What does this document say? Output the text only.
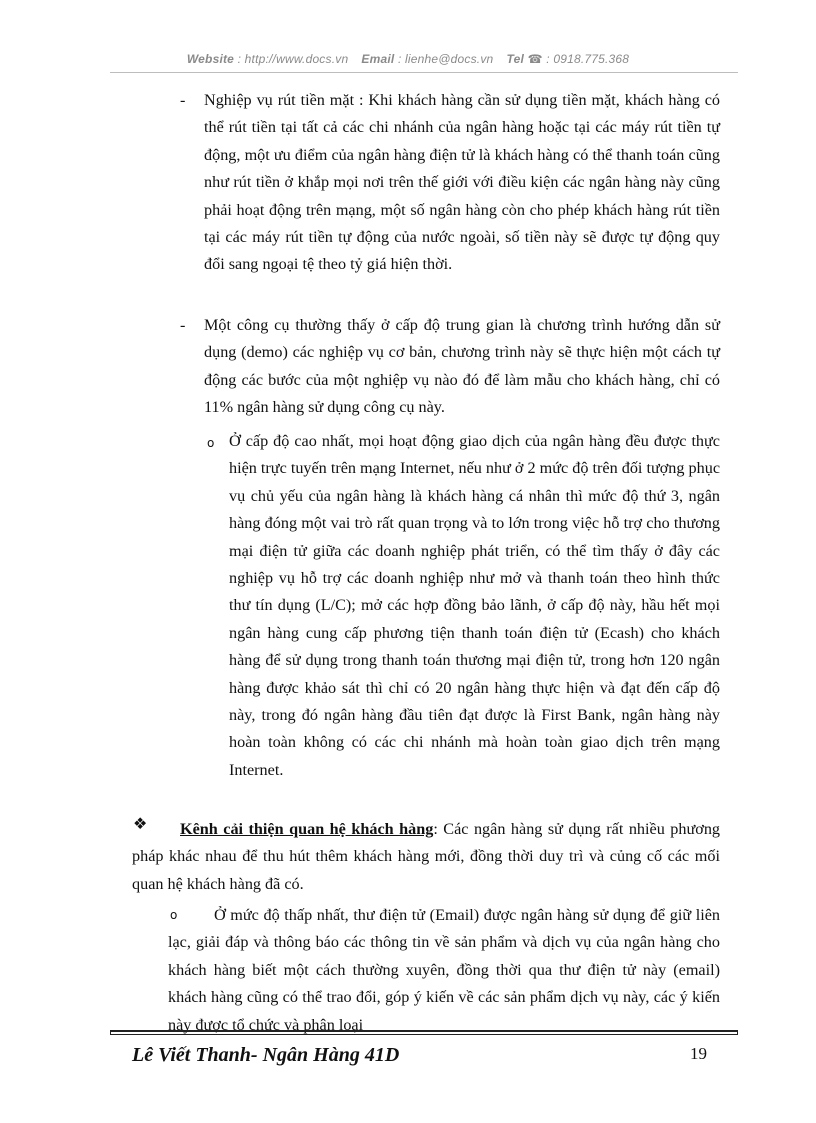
Website : http://www.docs.vn Email : lienhe@docs.vn Tel ☎ : 0918.775.368
- Nghiệp vụ rút tiền mặt : Khi khách hàng cần sử dụng tiền mặt, khách hàng có thể rút tiền tại tất cả các chi nhánh của ngân hàng hoặc tại các máy rút tiền tự động, một ưu điểm của ngân hàng điện tử là khách hàng có thể thanh toán cũng như rút tiền ở khắp mọi nơi trên thế giới với điều kiện các ngân hàng này cũng phải hoạt động trên mạng, một số ngân hàng còn cho phép khách hàng rút tiền tại các máy rút tiền tự động của nước ngoài, số tiền này sẽ được tự động quy đổi sang ngoại tệ theo tỷ giá hiện thời.

- Một công cụ thường thấy ở cấp độ trung gian là chương trình hướng dẫn sử dụng (demo) các nghiệp vụ cơ bản, chương trình này sẽ thực hiện một cách tự động các bước của một nghiệp vụ nào đó để làm mẫu cho khách hàng, chỉ có 11% ngân hàng sử dụng công cụ này.

o Ở cấp độ cao nhất, mọi hoạt động giao dịch của ngân hàng đều được thực hiện trực tuyến trên mạng Internet, nếu như ở 2 mức độ trên đối tượng phục vụ chủ yếu của ngân hàng là khách hàng cá nhân thì mức độ thứ 3, ngân hàng đóng một vai trò rất quan trọng và to lớn trong việc hỗ trợ cho thương mại điện tử giữa các doanh nghiệp phát triển, có thể tìm thấy ở đây các nghiệp vụ hỗ trợ các doanh nghiệp như mở và thanh toán theo hình thức thư tín dụng (L/C); mở các hợp đồng bảo lãnh, ở cấp độ này, hầu hết mọi ngân hàng cung cấp phương tiện thanh toán điện tử (Ecash) cho khách hàng để sử dụng trong thanh toán thương mại điện tử, trong hơn 120 ngân hàng được khảo sát thì chỉ có 20 ngân hàng thực hiện và đạt đến cấp độ này, trong đó ngân hàng đầu tiên đạt được là First Bank, ngân hàng này hoàn toàn không có các chi nhánh mà hoàn toàn giao dịch trên mạng Internet.

❖	Kênh cải thiện quan hệ khách hàng: Các ngân hàng sử dụng rất nhiều phương pháp khác nhau để thu hút thêm khách hàng mới, đồng thời duy trì và củng cố các mối quan hệ khách hàng đã có.

o	Ở mức độ thấp nhất, thư điện tử (Email) được ngân hàng sử dụng để giữ liên lạc, giải đáp và thông báo các thông tin về sản phẩm và dịch vụ của ngân hàng cho khách hàng biết một cách thường xuyên, đồng thời qua thư điện tử này (email) khách hàng cũng có thể trao đổi, góp ý kiến về các sản phẩm dịch vụ này, các ý kiến này được tổ chức và phân loại

Lê Viết Thanh- Ngân Hàng 41D	19
